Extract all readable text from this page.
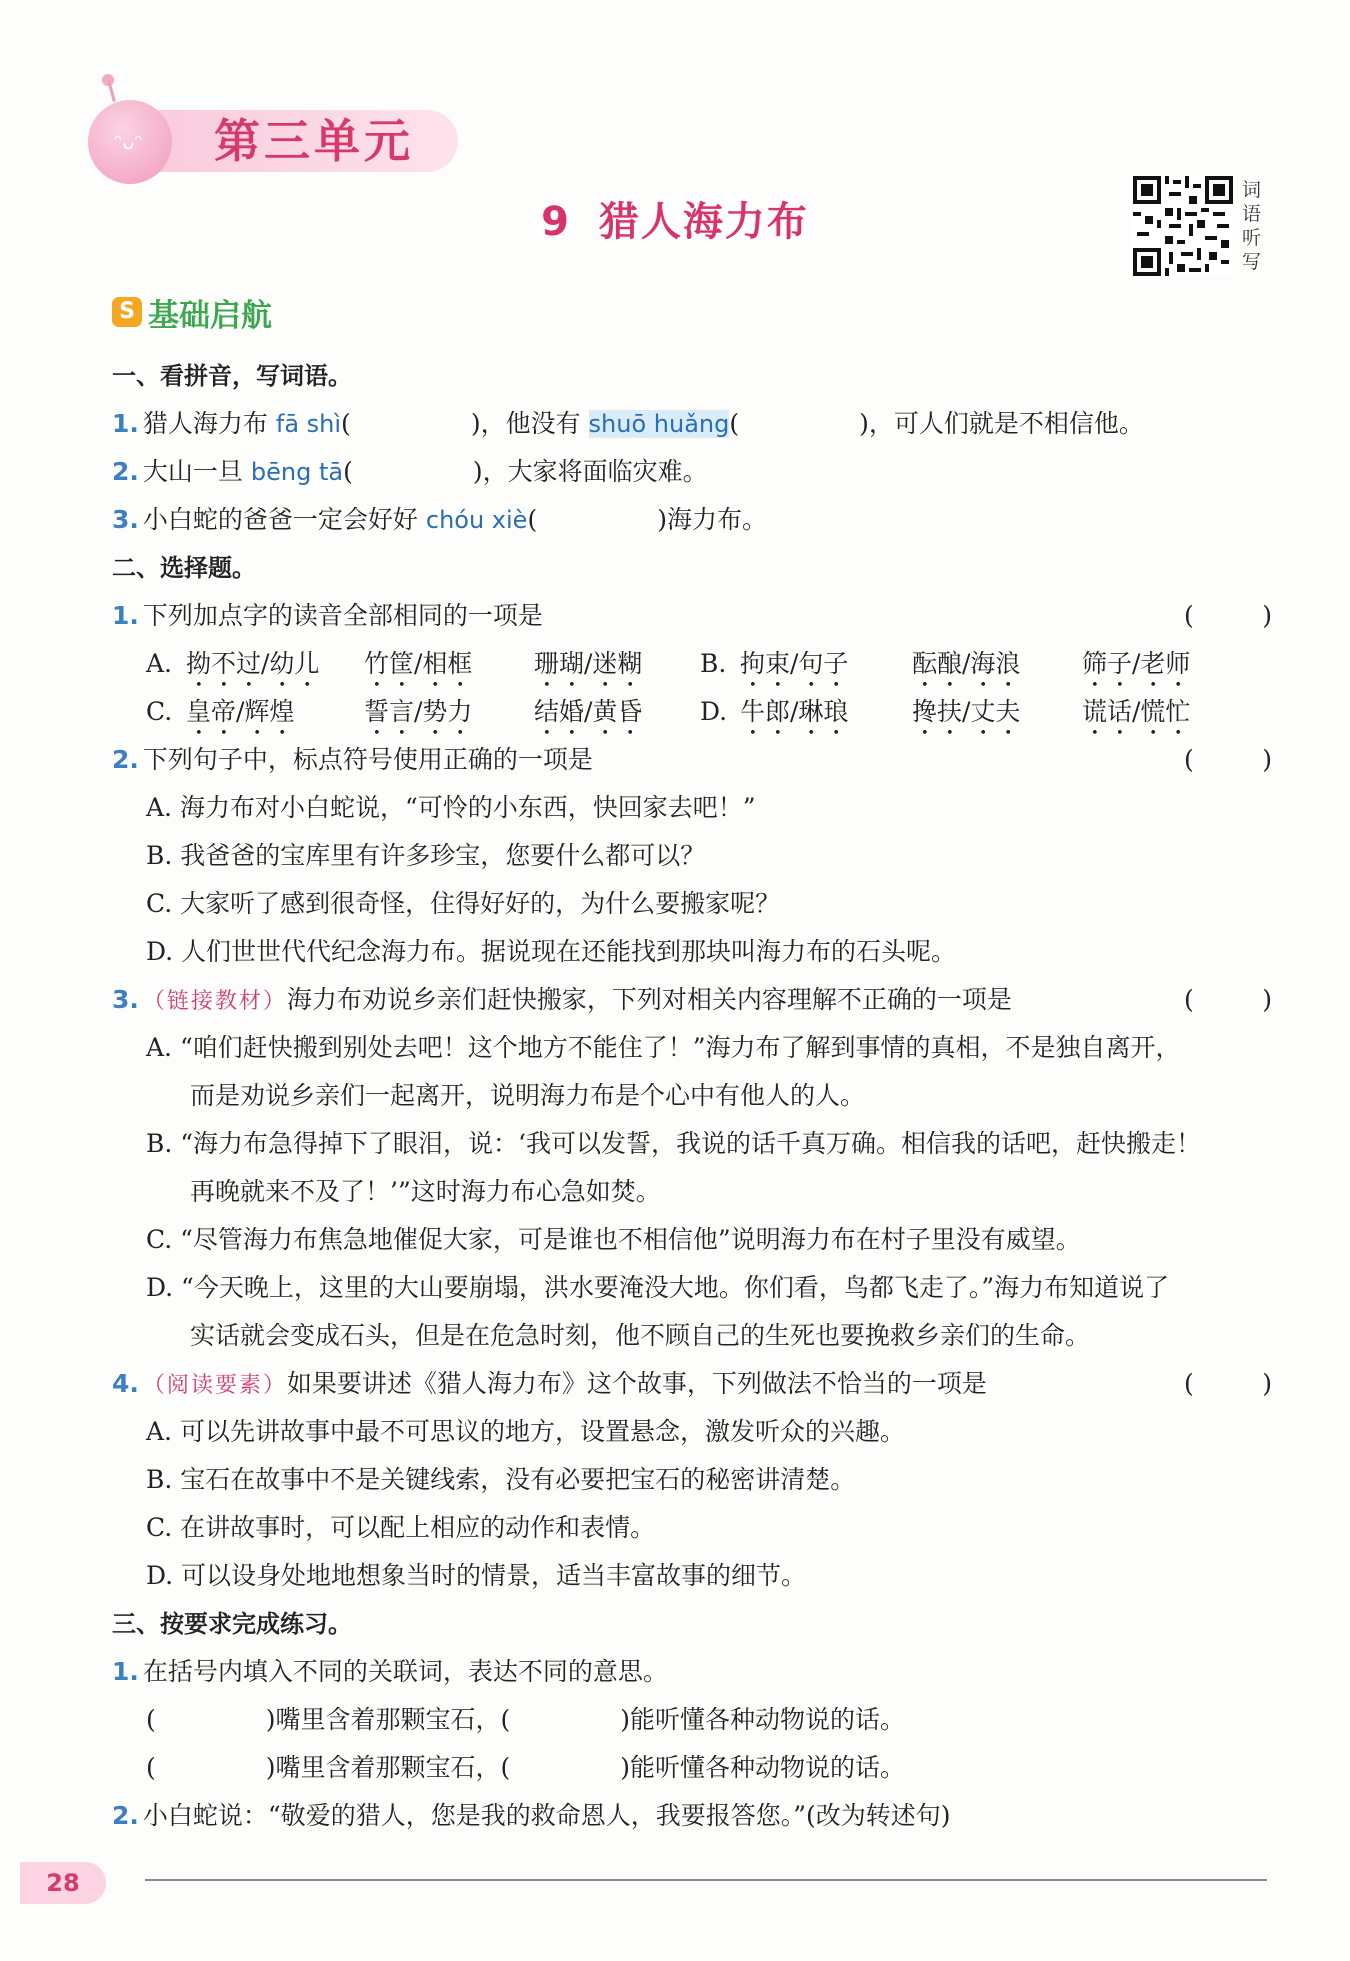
ᵔᴗᵔ 第三单元
9 猎人海力布
词
语
听
写
S 基础启航
一、看拼音，写词语。
1. 猎人海力布 fā shì(	)，他没有 shuō huǎng(	)，可人们就是不相信他。
2. 大山一旦 bēng tā(	)，大家将面临灾难。
3. 小白蛇的爸爸一定会好好 chóu xiè(	)海力布。
二、选择题。
1. 下列加点字的读音全部相同的一项是	(	)
A. 拗不过/幼儿	竹筐/相框	珊瑚/迷糊	B. 拘束/句子	酝酿/海浪	筛子/老师
C. 皇帝/辉煌	誓言/势力	结婚/黄昏	D. 牛郎/琳琅	搀扶/丈夫	谎话/慌忙
2. 下列句子中，标点符号使用正确的一项是	(	)
A. 海力布对小白蛇说，“可怜的小东西，快回家去吧！”
B. 我爸爸的宝库里有许多珍宝，您要什么都可以？
C. 大家听了感到很奇怪，住得好好的，为什么要搬家呢？
D. 人们世世代代纪念海力布。据说现在还能找到那块叫海力布的石头呢。
3. （链接教材）海力布劝说乡亲们赶快搬家，下列对相关内容理解不正确的一项是	(	)
A. “咱们赶快搬到别处去吧！这个地方不能住了！”海力布了解到事情的真相，不是独自离开，
而是劝说乡亲们一起离开，说明海力布是个心中有他人的人。
B. “海力布急得掉下了眼泪，说：‘我可以发誓，我说的话千真万确。相信我的话吧，赶快搬走！
再晚就来不及了！’”这时海力布心急如焚。
C. “尽管海力布焦急地催促大家，可是谁也不相信他”说明海力布在村子里没有威望。
D. “今天晚上，这里的大山要崩塌，洪水要淹没大地。你们看，鸟都飞走了。”海力布知道说了
实话就会变成石头，但是在危急时刻，他不顾自己的生死也要挽救乡亲们的生命。
4. （阅读要素）如果要讲述《猎人海力布》这个故事，下列做法不恰当的一项是	(	)
A. 可以先讲故事中最不可思议的地方，设置悬念，激发听众的兴趣。
B. 宝石在故事中不是关键线索，没有必要把宝石的秘密讲清楚。
C. 在讲故事时，可以配上相应的动作和表情。
D. 可以设身处地地想象当时的情景，适当丰富故事的细节。
三、按要求完成练习。
1. 在括号内填入不同的关联词，表达不同的意思。
(	)嘴里含着那颗宝石，(	)能听懂各种动物说的话。
(	)嘴里含着那颗宝石，(	)能听懂各种动物说的话。
2. 小白蛇说：“敬爱的猎人，您是我的救命恩人，我要报答您。”(改为转述句)
28
